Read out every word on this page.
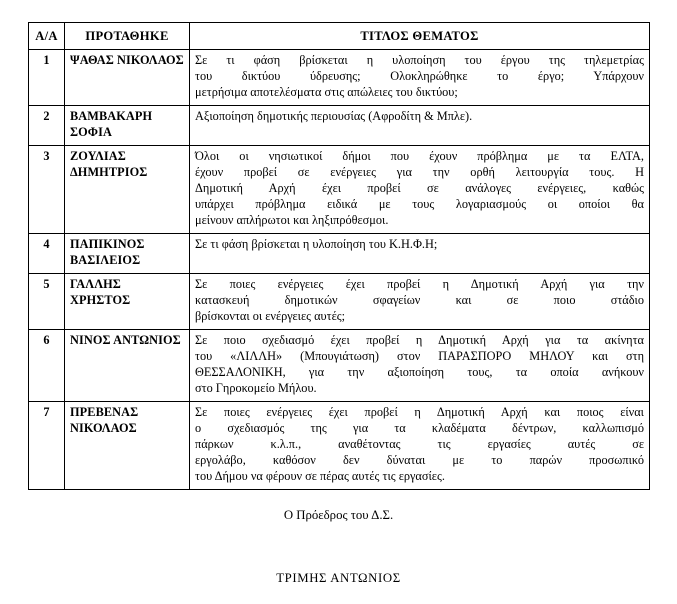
Α/Α	ΠΡΟΤΑΘΗΚΕ	ΤΙΤΛΟΣ ΘΕΜΑΤΟΣ
1	ΨΑΘΑΣ ΝΙΚΟΛΑΟΣ	Σε τι φάση βρίσκεται η υλοποίηση του έργου της τηλεμετρίας
του δικτύου ύδρευσης; Ολοκληρώθηκε το έργο; Υπάρχουν
μετρήσιμα αποτελέσματα στις απώλειες του δικτύου;

2	ΒΑΜΒΑΚΑΡΗ ΣΟΦΙΑ	Αξιοποίηση δημοτικής περιουσίας (Αφροδίτη & Μπλε).

3	ΖΟΥΛΙΑΣ ΔΗΜΗΤΡΙΟΣ	Όλοι οι νησιωτικοί δήμοι που έχουν πρόβλημα με τα ΕΛΤΑ,
έχουν προβεί σε ενέργειες για την ορθή λειτουργία τους. Η
Δημοτική Αρχή έχει προβεί σε ανάλογες ενέργειες, καθώς
υπάρχει πρόβλημα ειδικά με τους λογαριασμούς οι οποίοι θα
μείνουν απλήρωτοι και ληξιπρόθεσμοι.

4	ΠΑΠΙΚΙΝΟΣ ΒΑΣΙΛΕΙΟΣ	Σε τι φάση βρίσκεται η υλοποίηση του Κ.Η.Φ.Η;

5	ΓΑΛΛΗΣ ΧΡΗΣΤΟΣ	Σε ποιες ενέργειες έχει προβεί η Δημοτική Αρχή για την
κατασκευή δημοτικών σφαγείων και σε ποιο στάδιο
βρίσκονται οι ενέργειες αυτές;

6	ΝΙΝΟΣ ΑΝΤΩΝΙΟΣ	Σε ποιο σχεδιασμό έχει προβεί η Δημοτική Αρχή για τα ακίνητα
του «ΛΙΛΛΗ» (Μπουγιάτωση) στον ΠΑΡΑΣΠΟΡΟ ΜΗΛΟΥ και στη
ΘΕΣΣΑΛΟΝΙΚΗ, για την αξιοποίηση τους, τα οποία ανήκουν
στο Γηροκομείο Μήλου.

7	ΠΡΕΒΕΝΑΣ ΝΙΚΟΛΑΟΣ	Σε ποιες ενέργειες έχει προβεί η Δημοτική Αρχή και ποιος είναι
ο σχεδιασμός της για τα κλαδέματα δέντρων, καλλωπισμό
πάρκων κ.λ.π., αναθέτοντας τις εργασίες αυτές σε
εργολάβο, καθόσον δεν δύναται με το παρών προσωπικό
του Δήμου να φέρουν σε πέρας αυτές τις εργασίες.
Ο Πρόεδρος του Δ.Σ.
ΤΡΙΜΗΣ ΑΝΤΩΝΙΟΣ
